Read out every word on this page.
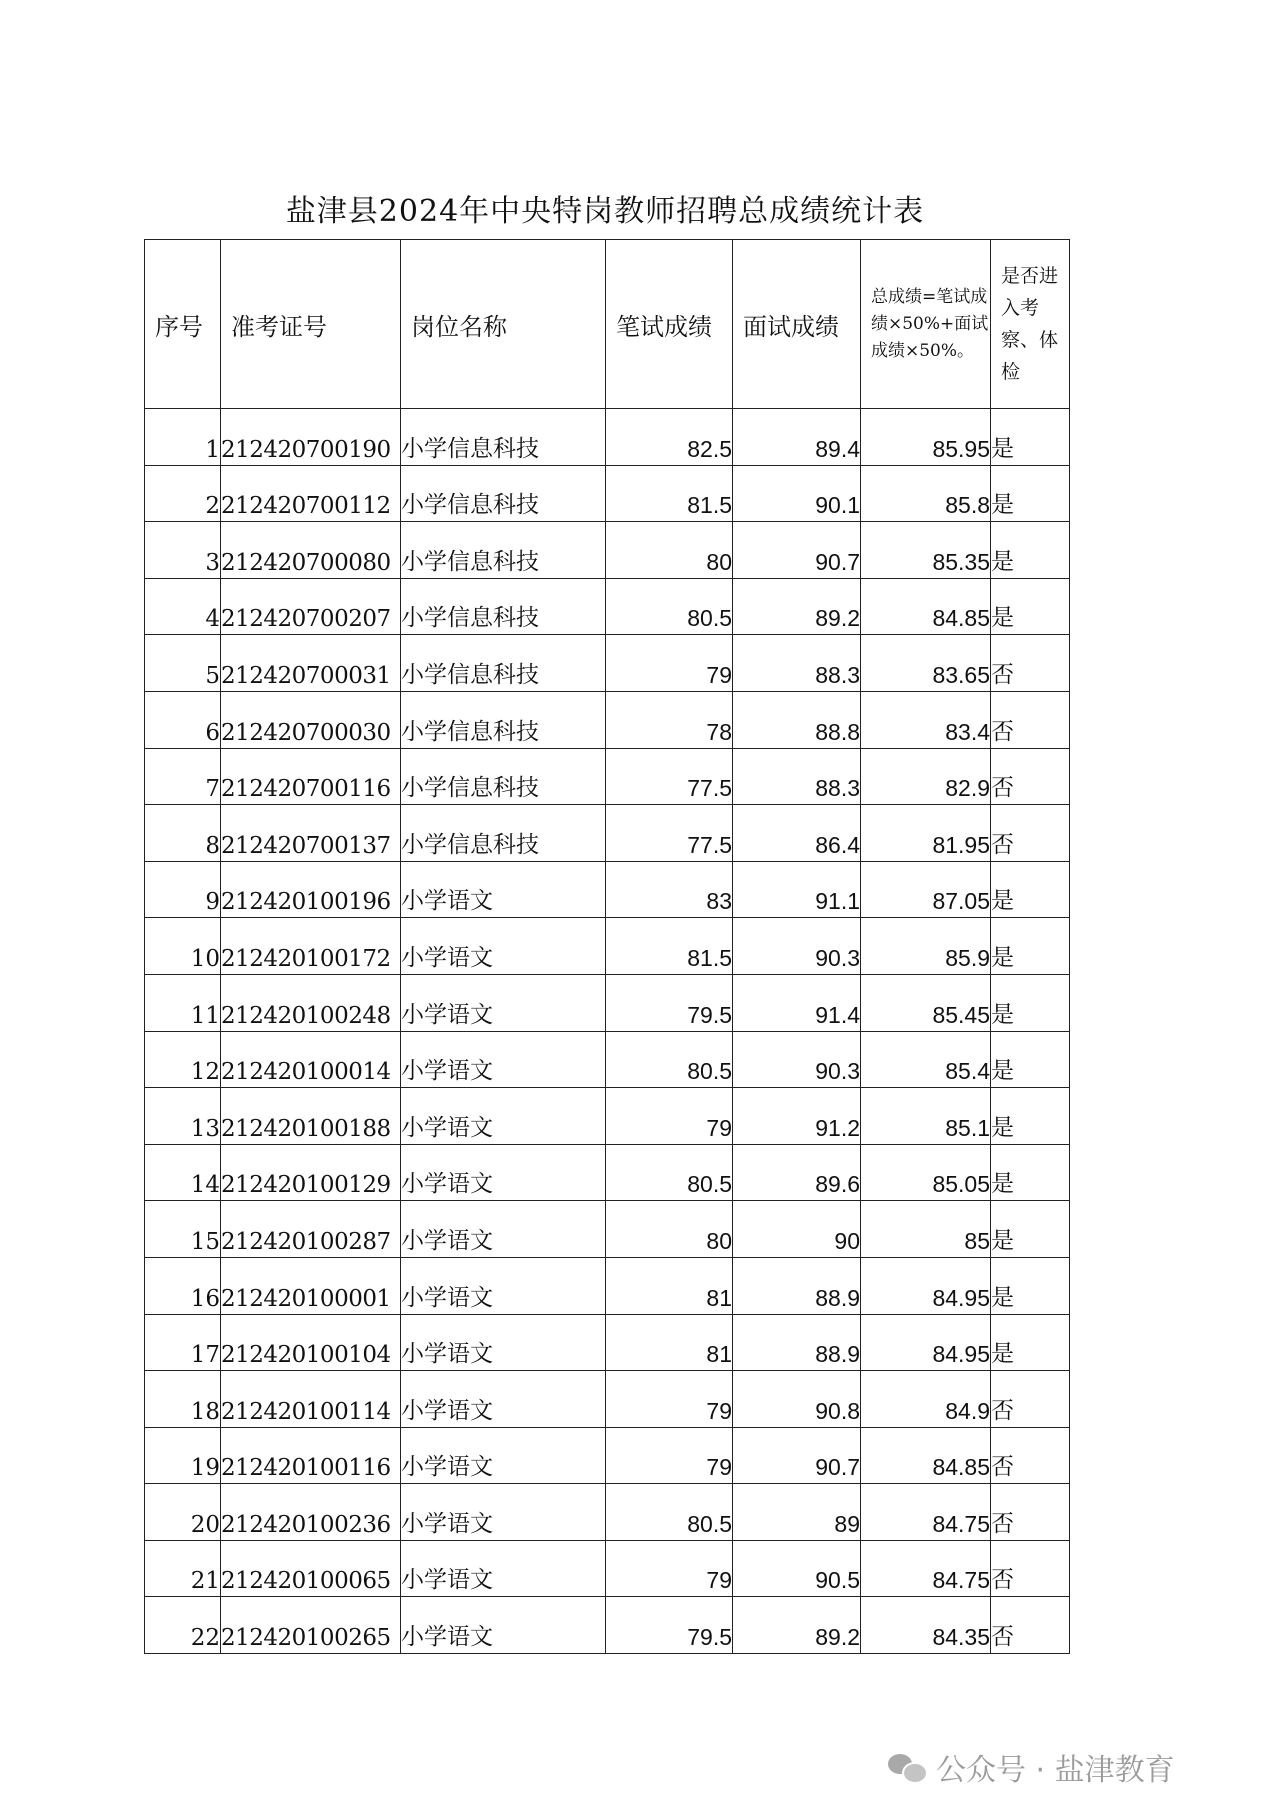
盐津县2024年中央特岗教师招聘总成绩统计表
序号	准考证号	岗位名称	笔试成绩	面试成绩	总成绩=笔试成绩×50%+面试成绩×50%。	是否进入考察、体检
1	212420700190	小学信息科技	82.5	89.4	85.95	是
2	212420700112	小学信息科技	81.5	90.1	85.8	是
3	212420700080	小学信息科技	80	90.7	85.35	是
4	212420700207	小学信息科技	80.5	89.2	84.85	是
5	212420700031	小学信息科技	79	88.3	83.65	否
6	212420700030	小学信息科技	78	88.8	83.4	否
7	212420700116	小学信息科技	77.5	88.3	82.9	否
8	212420700137	小学信息科技	77.5	86.4	81.95	否
9	212420100196	小学语文	83	91.1	87.05	是
10	212420100172	小学语文	81.5	90.3	85.9	是
11	212420100248	小学语文	79.5	91.4	85.45	是
12	212420100014	小学语文	80.5	90.3	85.4	是
13	212420100188	小学语文	79	91.2	85.1	是
14	212420100129	小学语文	80.5	89.6	85.05	是
15	212420100287	小学语文	80	90	85	是
16	212420100001	小学语文	81	88.9	84.95	是
17	212420100104	小学语文	81	88.9	84.95	是
18	212420100114	小学语文	79	90.8	84.9	否
19	212420100116	小学语文	79	90.7	84.85	否
20	212420100236	小学语文	80.5	89	84.75	否
21	212420100065	小学语文	79	90.5	84.75	否
22	212420100265	小学语文	79.5	89.2	84.35	否
公众号 · 盐津教育
